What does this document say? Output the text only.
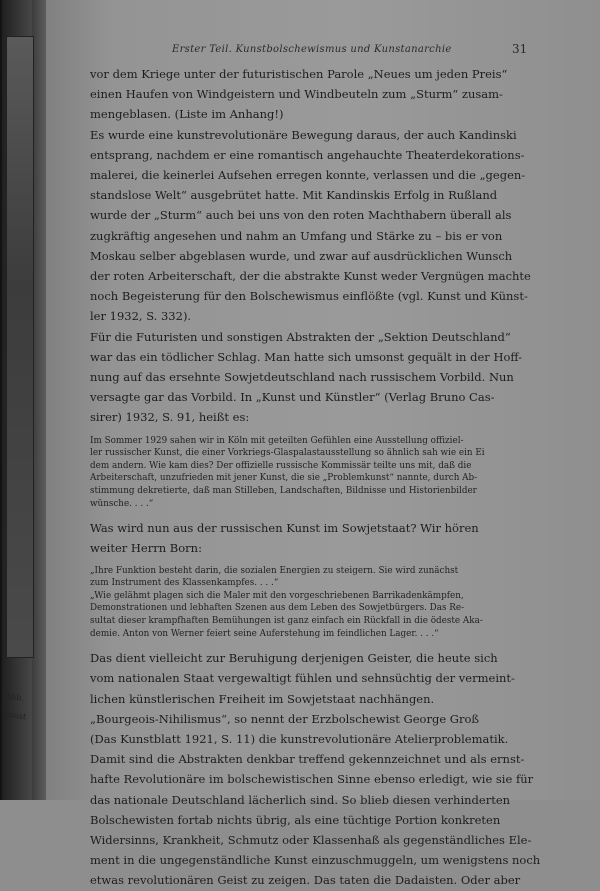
Abb. Kunst
Erster Teil. Kunstbolschewismus und Kunstanarchie	31

vor dem Kriege unter der futuristischen Parole „Neues um jeden Preis“
einen Haufen von Windgeistern und Windbeuteln zum „Sturm“ zusam-
mengeblasen. (Liste im Anhang!)

Es wurde eine kunstrevolutionäre Bewegung daraus, der auch Kandinski
entsprang, nachdem er eine romantisch angehauchte Theaterdekorations-
malerei, die keinerlei Aufsehen erregen konnte, verlassen und die „gegen-
standslose Welt“ ausgebrütet hatte. Mit Kandinskis Erfolg in Rußland
wurde der „Sturm“ auch bei uns von den roten Machthabern überall als
zugkräftig angesehen und nahm an Umfang und Stärke zu – bis er von
Moskau selber abgeblasen wurde, und zwar auf ausdrücklichen Wunsch
der roten Arbeiterschaft, der die abstrakte Kunst weder Vergnügen machte
noch Begeisterung für den Bolschewismus einflößte (vgl. Kunst und Künst-
ler 1932, S. 332).

Für die Futuristen und sonstigen Abstrakten der „Sektion Deutschland“
war das ein tödlicher Schlag. Man hatte sich umsonst gequält in der Hoff-
nung auf das ersehnte Sowjetdeutschland nach russischem Vorbild. Nun
versagte gar das Vorbild. In „Kunst und Künstler“ (Verlag Bruno Cas-
sirer) 1932, S. 91, heißt es:

Im Sommer 1929 sahen wir in Köln mit geteilten Gefühlen eine Ausstellung offiziel-
ler russischer Kunst, die einer Vorkriegs-Glaspalastausstellung so ähnlich sah wie ein Ei
dem andern. Wie kam dies? Der offizielle russische Kommissär teilte uns mit, daß die
Arbeiterschaft, unzufrieden mit jener Kunst, die sie „Problemkunst“ nannte, durch Ab-
stimmung dekretierte, daß man Stilleben, Landschaften, Bildnisse und Historienbilder
wünsche. . . .“

Was wird nun aus der russischen Kunst im Sowjetstaat? Wir hören
weiter Herrn Born:

„Ihre Funktion besteht darin, die sozialen Energien zu steigern. Sie wird zunächst
zum Instrument des Klassenkampfes. . . .“
„Wie gelähmt plagen sich die Maler mit den vorgeschriebenen Barrikadenkämpfen,
Demonstrationen und lebhaften Szenen aus dem Leben des Sowjetbürgers. Das Re-
sultat dieser krampfhaften Bemühungen ist ganz einfach ein Rückfall in die ödeste Aka-
demie. Anton von Werner feiert seine Auferstehung im feindlichen Lager. . . .“

Das dient vielleicht zur Beruhigung derjenigen Geister, die heute sich
vom nationalen Staat vergewaltigt fühlen und sehnsüchtig der vermeint-
lichen künstlerischen Freiheit im Sowjetstaat nachhängen.

„Bourgeois-Nihilismus“, so nennt der Erzbolschewist George Groß
(Das Kunstblatt 1921, S. 11) die kunstrevolutionäre Atelierproblematik.
Damit sind die Abstrakten denkbar treffend gekennzeichnet und als ernst-
hafte Revolutionäre im bolschewistischen Sinne ebenso erledigt, wie sie für
das nationale Deutschland lächerlich sind. So blieb diesen verhinderten
Bolschewisten fortab nichts übrig, als eine tüchtige Portion konkreten
Widersinns, Krankheit, Schmutz oder Klassenhaß als gegenständliches Ele-
ment in die ungegenständliche Kunst einzuschmuggeln, um wenigstens noch
etwas revolutionären Geist zu zeigen. Das taten die Dadaisten. Oder aber
